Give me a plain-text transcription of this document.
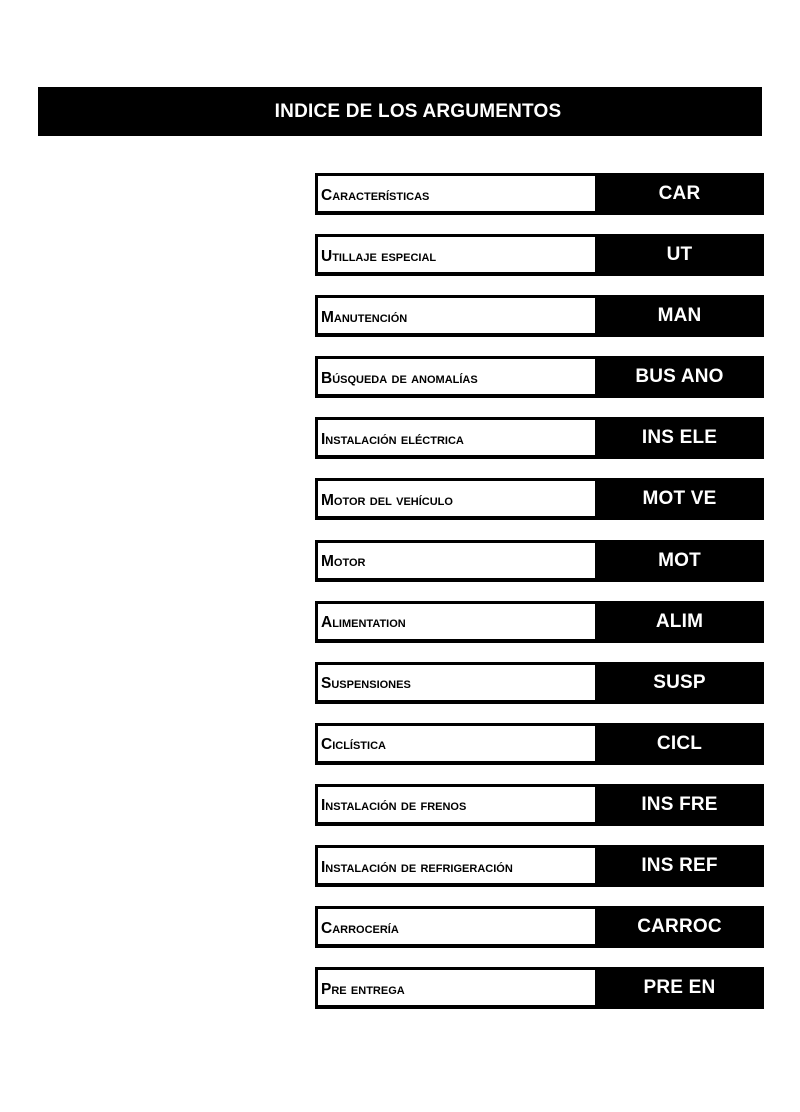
INDICE DE LOS ARGUMENTOS
Características	CAR
Utillaje especial	UT
Manutención	MAN
Búsqueda de anomalías	BUS ANO
Instalación eléctrica	INS ELE
Motor del vehículo	MOT VE
Motor	MOT
Alimentation	ALIM
Suspensiones	SUSP
Ciclística	CICL
Instalación de frenos	INS FRE
Instalación de refrigeración	INS REF
Carrocería	CARROC
Pre entrega	PRE EN
